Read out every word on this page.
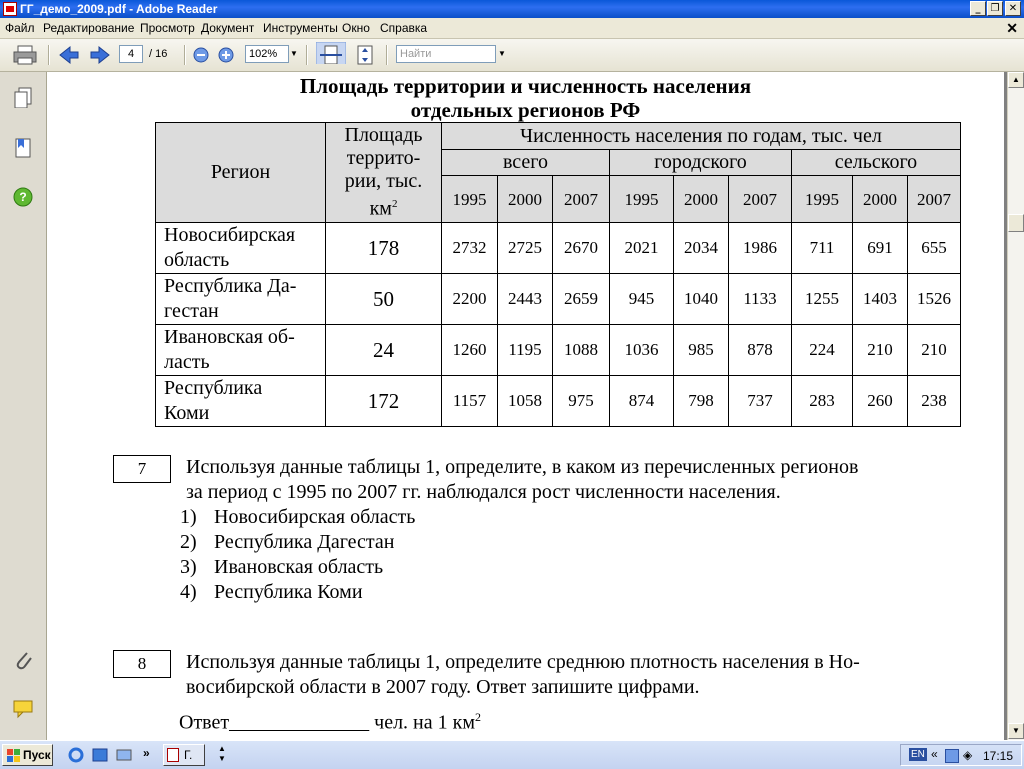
ГГ_демо_2009.pdf - Adobe Reader	_	❐ ✕
Файл Редактирование Просмотр Документ Инструменты Окно Справка	✕
4	/ 16	102%	▼	Найти	▼
?
Площадь территории и численность населения
отдельных регионов РФ
Регион	Площадь
террито-
рии, тыс.
$км^2$	Численность населения по годам, тыс. чел								
		всего			городского			сельского		
		1995	2000	2007	1995	2000	2007	1995	2000	2007
Новосибирская
область	178	2732	2725	2670	2021	2034	1986	711	691	655
Республика Да-
гестан	50	2200	2443	2659	945	1040	1133	1255	1403	1526
Ивановская об-
ласть	24	1260	1195	1088	1036	985	878	224	210	210
Республика
Коми	172	1157	1058	975	874	798	737	283	260	238
7	Используя данные таблицы 1, определите, в каком из перечисленных регионов
за период с 1995 по 2007 гг. наблюдался рост численности населения.
1) Новосибирская область
2) Республика Дагестан
3) Ивановская область
4) Республика Коми
8	Используя данные таблицы 1, определите среднюю плотность населения в Но-
восибирской области в 2007 году. Ответ запишите цифрами.
Ответ______________ чел. на 1 $км^2$
▲
▼
Пуск	»	Г.	▲
▼	EN « ◈ 17:15
